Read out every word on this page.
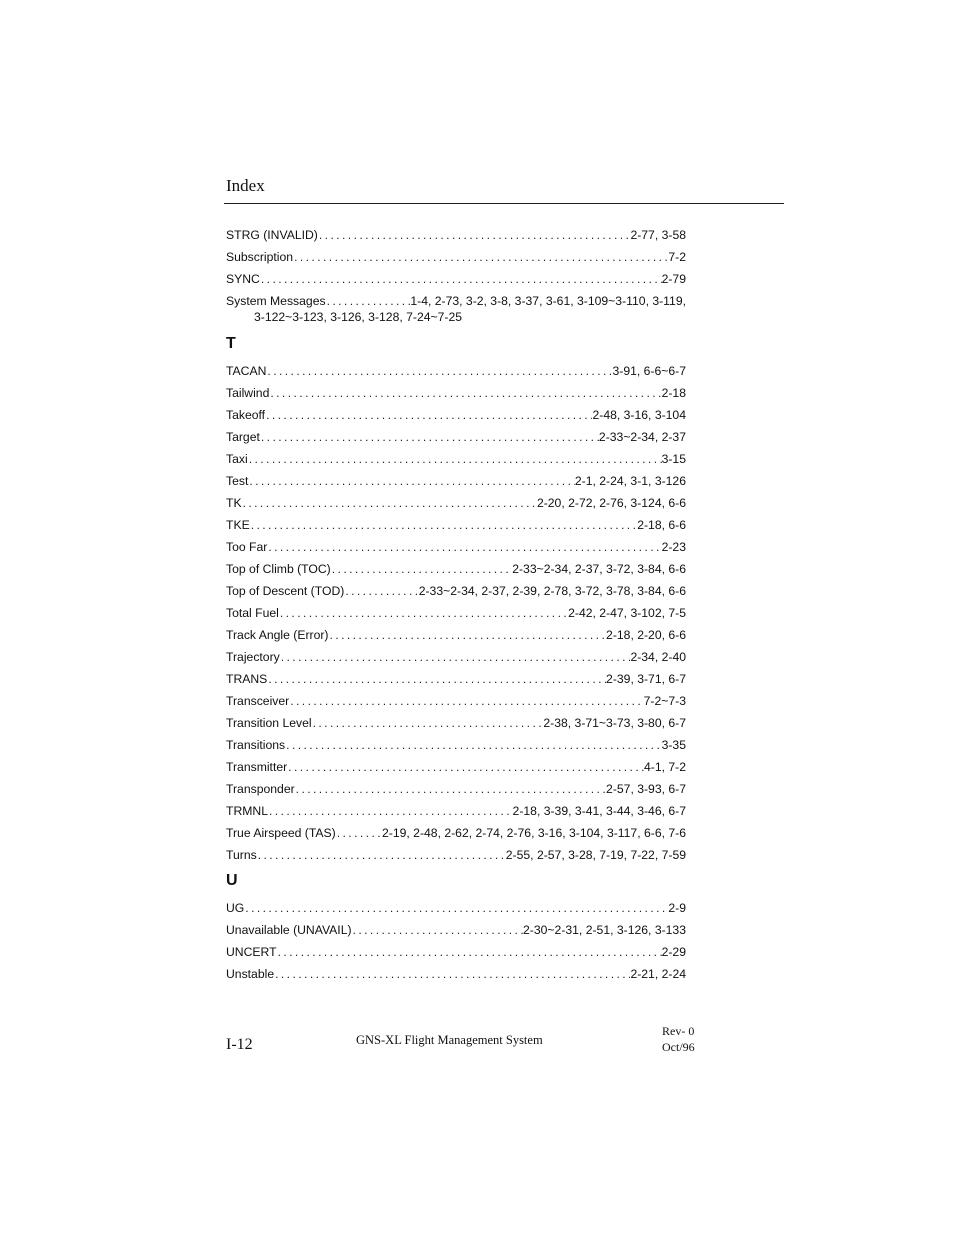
Index
STRG (INVALID) .....	2-77, 3-58
Subscription .....	7-2
SYNC .....	2-79
System Messages .....	1-4, 2-73, 3-2, 3-8, 3-37, 3-61, 3-109~3-110, 3-119,
3-122~3-123, 3-126, 3-128, 7-24~7-25
T
TACAN .....	3-91, 6-6~6-7
Tailwind .....	2-18
Takeoff .....	2-48, 3-16, 3-104
Target .....	2-33~2-34, 2-37
Taxi .....	3-15
Test .....	2-1, 2-24, 3-1, 3-126
TK .....	2-20, 2-72, 2-76, 3-124, 6-6
TKE .....	2-18, 6-6
Too Far .....	2-23
Top of Climb (TOC) .....	2-33~2-34, 2-37, 3-72, 3-84, 6-6
Top of Descent (TOD) .....	2-33~2-34, 2-37, 2-39, 2-78, 3-72, 3-78, 3-84, 6-6
Total Fuel .....	2-42, 2-47, 3-102, 7-5
Track Angle (Error) .....	2-18, 2-20, 6-6
Trajectory .....	2-34, 2-40
TRANS .....	2-39, 3-71, 6-7
Transceiver .....	7-2~7-3
Transition Level .....	2-38, 3-71~3-73, 3-80, 6-7
Transitions .....	3-35
Transmitter .....	4-1, 7-2
Transponder .....	2-57, 3-93, 6-7
TRMNL .....	2-18, 3-39, 3-41, 3-44, 3-46, 6-7
True Airspeed (TAS) .....	2-19, 2-48, 2-62, 2-74, 2-76, 3-16, 3-104, 3-117, 6-6, 7-6
Turns .....	2-55, 2-57, 3-28, 7-19, 7-22, 7-59
U
UG .....	2-9
Unavailable (UNAVAIL) .....	2-30~2-31, 2-51, 3-126, 3-133
UNCERT .....	2-29
Unstable .....	2-21, 2-24
I-12	GNS-XL Flight Management System
Rev- 0
Oct/96
